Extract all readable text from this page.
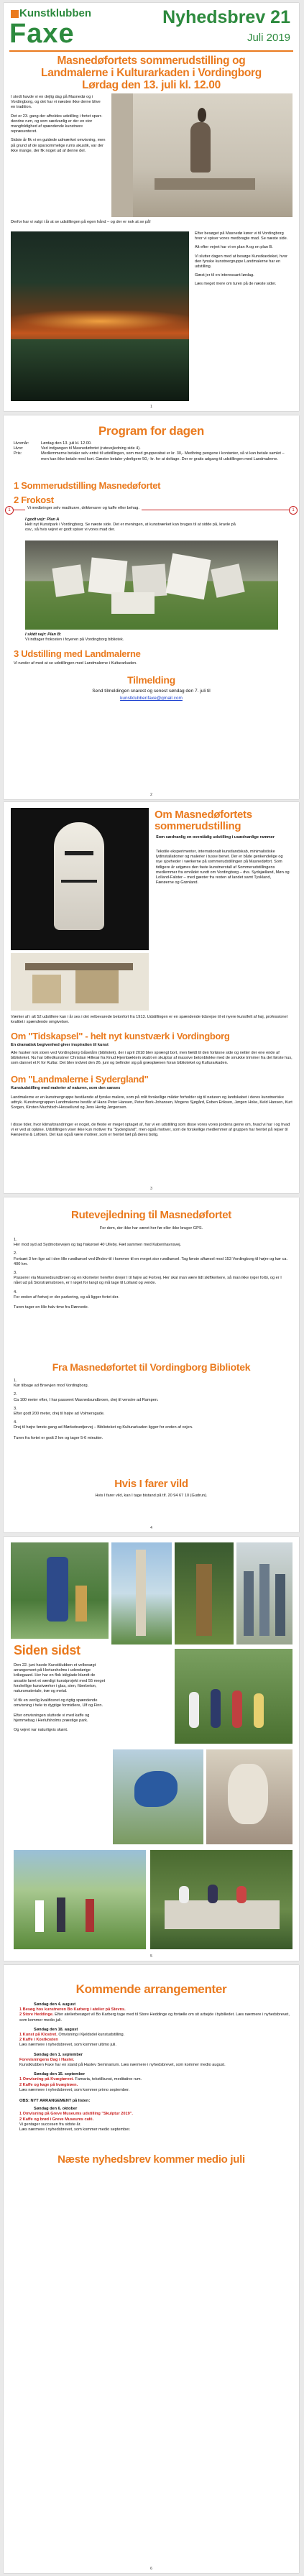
Kunstklubben
Faxe
Nyhedsbrev 21
Juli 2019
Masnedøfortets sommerudstilling og
Landmalerne i Kulturarkaden i Vordingborg
Lørdag den 13. juli kl. 12.00

I stedt havde vi en dejlig dag på Masnedø og i Vordingborg, og det har vi næsten ikke derne blive en tradition.

Det er 23. gang der afholdes udstilling i fortet sparr-dendne rum, og som sædvanlig er der en stor mangfoldighed af spændende kunstnere repræsenteret.

Sidste år fik vi en guidede udmærket omvisning, men på grund af de sparsommelige rums akustik, var der ikke mange, der fik noget ud af denne del.

Derfor har vi valgt i år at se udstillingen på egen hånd – og der er nok at se på!

Efter besøget på Masnedø kører vi til Vordingborg hvor vi spiser vores medbragte mad. Se næste side.

Alt efter vejret har vi en plan A og en plan B.

Vi slutter dagen med at besøge Kunstkardeket, hvor den fynske kunstnergruppe Landmalerne har en udstilling.

Gæst jer til en interessant lørdag.

Læs meget mere om turen på de næste sider.

1
Program for dagen
Hvornår:	Lørdag den 13. juli kl. 12.00.
Hvor:	Ved indgangen til Masnedøfortet (rutevejledning side 4).
Pris:	Medlemmerne betaler selv entré til udstillingen, som med grupperabat er kr. 30,- Medbring pengene i kontanter, så vi kan betale samlet – men kan ikke betale med kort. Gæster betaler yderligere 50,- kr. for at deltage. Der er gratis adgang til udstillingen med Landmalerne.
1 Sommerudstilling Masnedøfortet
2 Frokost
1	1
Vi medbringer selv madkurve, drikkevarer og kaffe efter behag.
I godt vejr: Plan A
Helt nyt Kunstpark i Vordingborg. Se næste side. Det er meningen, at kunstværket kan bruges til at sidde på, kravle på osv., så hvis vejret er godt spiser vi vores mad der.
I skidt vejr: Plan B:
Vi indtager frokosten i foyeren på Vordingborg bibliotek.
3 Udstilling med Landmalerne
Vi runder af med at se udstillingen med Landmalerne i Kulturarkaden.
Tilmelding
Send tilmeldingen snarest og senest søndag den 7. juli til
kunstklubbenfaxe@gmail.com
2
Om Masnedøfortets
sommerudstilling
Som sædvanlig en overdådig udstilling i usædvanlige rammer
Tekstile eksperimenter, internationalt kunstlandskab, minimalistiske lydinstallationer og malerier i tusse benet. Der er både genkendelige og nye sjovheder i værkerne på sommerudstillingen på Masnedøfort. Som tidligere år udgøres den faste kunstnerstall af Sommerudstillingens medlemmer fra området rundt om Vordingborg – dvs. Sydsjælland, Møn og Lolland-Falster – med gæster fra resten af landet samt Tyskland, Færøerne og Grønland.
Værker af i alt 52 udstillere kan i år ses i det velbevarede betonfort fra 1913. Udstillingen er en spændende tidsrejse til et nyere kunstfelt af høj, professionel kvalitet i spændende omgivelser.
Om "Tidskapsel" - helt nyt kunstværk i Vordingborg
En dramatisk begivenhed giver inspiration til kunst
Alle husker nok stoen ved Vordingborg Gåsetårn (bibliotek), der i april 2018 blev sprængt bort, men fældt til den forløsne side og netter der ene ende af biblioteket. Nu har billedkunstner Christian Hillesø fra Knud Hjernbæktein skabt en skulptur af massive betonblokke med de smukke trimmer fra det første hus, som dannet et K for Kultur. Det blev indviet den 26. juni og befinder sig på græsplænen foran biblioteket og Kulturarkaden.
Om "Landmalerne i Sydergland"
Kunstudstilling med malerier af naturen, som den sanses
Landmalerne er en kunstnergruppe bestående af fynske malere, som på rolit forskellige måder forholder sig til naturen og landskabet i deres kunstneriske udtryk. Kunstnergruppen Landmalerne består af Hans Peter Hansen, Peter Bork-Johansen, Mogens Sjøgård, Esben Eriksen, Jørgen Hoke, Keld Hansen, Kurt Sorgen, Kirsten Muchitsch-Hessellund og Jens Hertig Jørgensen.
I disse tider, hvor klimaforandringer er noget, de fleste er meget optaget af, har vi en udstilling som disse vores vores jordens gerne om, hvad vi har i og hvad vi er ved at opløse. Udstillingen viser ikke kun motiver fra "Sydergland", men også motiver, som de forskellige medlemmer af gruppen har hentet på rejser til Færøerne & Lofoten. Det kan også være motiver, som er hentet tæt på deres bolig.
3
Rutevejledning til Masnedøfortet
For dem, der ikke har været her før eller ikke bruger GPS.
1.

Her mod syd ad Sydmotorvejen og tag frakørsel 40 Ulleby. Fæt sammen med Kabenhavnsvej.

2.

Fortsæt 3 km lige ud i den lille rundkørsel ved Ørslev-til i kommer til en meget stor rundkørsel. Tag første afkørsel mod 153 Vordingborg til højre og kør ca. 400 km.

3.

Passerer via Masnedsundbroen og en kilometer herefter drejer I til højre ad Fortvej. Her skal man være lidt skiftkerkere, så man ikke ryger forbi, og er I nået ud på Storstrømsbroen, er I røget for langt og må tage til Lolland og vende.

4.

For enden af fortvej er der parkering, og så ligger fortet der.

Turen tager en lille halv time fra Rønnede.

Fra Masnedøfortet til Vordingborg Bibliotek
1.

Kør tilbage ad Broevjen mod Vordingborg.

2.

Ca 100 meter efter, I har passeret Masnedsundbroen, drej til venstre ad Rampen.

3.

Efter godt 200 meter, drej til højre ad Volmersgade.

4.

Drej til højre første gang ad Mørkebrødjervej – Biblioteket og Kulturarkaden ligger for enden af vejen.

Turen fra fortet er godt 2 km og tager 5-6 minutter.

Hvis I farer vild
Hvis I farer vild, kan I tage bistand på tlf. 20 94 67 10 (Gudrun).
4
Siden sidst

Den 22. juni havde Kunstklubben et velbesøgt arrangement på Hertursholms i udendørige krikegaard. Her har en flok idéglade blandt de ansatte lavet et værdigt kunstprojekt med 55 meget forskellige kunstværker i glas, sten, fiberbeton, natursmateriale, træ og metal.

Vi fik en venlig kvalificeret og rigtig spændende omvisning i hele to dygtige formidlere, Ulf og Finn.

Efter omvisningen sluttede vi med kaffe og hjemmebag i Herlufsholms præstige park.

Og vejret var naturligvis skønt.

5
Kommende arrangementer
Søndag den 4. august
1 Besøg hos kunstneren Bo Karberg i atelier på Stevns.
2 Store Heddinge. Efter atelierbesøget vil Bo Karberg tage med til Store Heddinge og fortælle om sit arbejde i bybilledet. Læs nærmere i nyhedsbrevet, som kommer medio juli.
Søndag den 18. august
1 Kunst på Klostret. Omvisning i Kjeldsdel kunstudstilling.
2 Kaffe i Kostkosten
Læs nærmere i nyhedsbrevet, som kommer ultimo juli.
Søndag den 1. september
Forevisningens Dag i Hasler.
Kunstklubben Faxe har en stand på Haslev Seminarium. Læs nærmere i nyhedsbrevet, som kommer medio august.
Søndag den 15. september
1 Omvisning på Kvægtørvet. Famaria, tekstilkunst, meditative rum.
2 Kaffe og kage på kvægtrøen.
Læs nærmere i nyhedsbrevet, som kommer primo september.
OBS: NYT ARRANGEMENT på listen:
Søndag den 6. oktober
1 Omvisning på Greve Museums udstilling "Skulptur 2019".
2 Kaffe og brød i Greve Museums café.
Vi gentager succesen fra sidste år.
Læs nærmere i nyhedsbrevet, som kommer medio september.
Næste nyhedsbrev kommer medio juli
6
